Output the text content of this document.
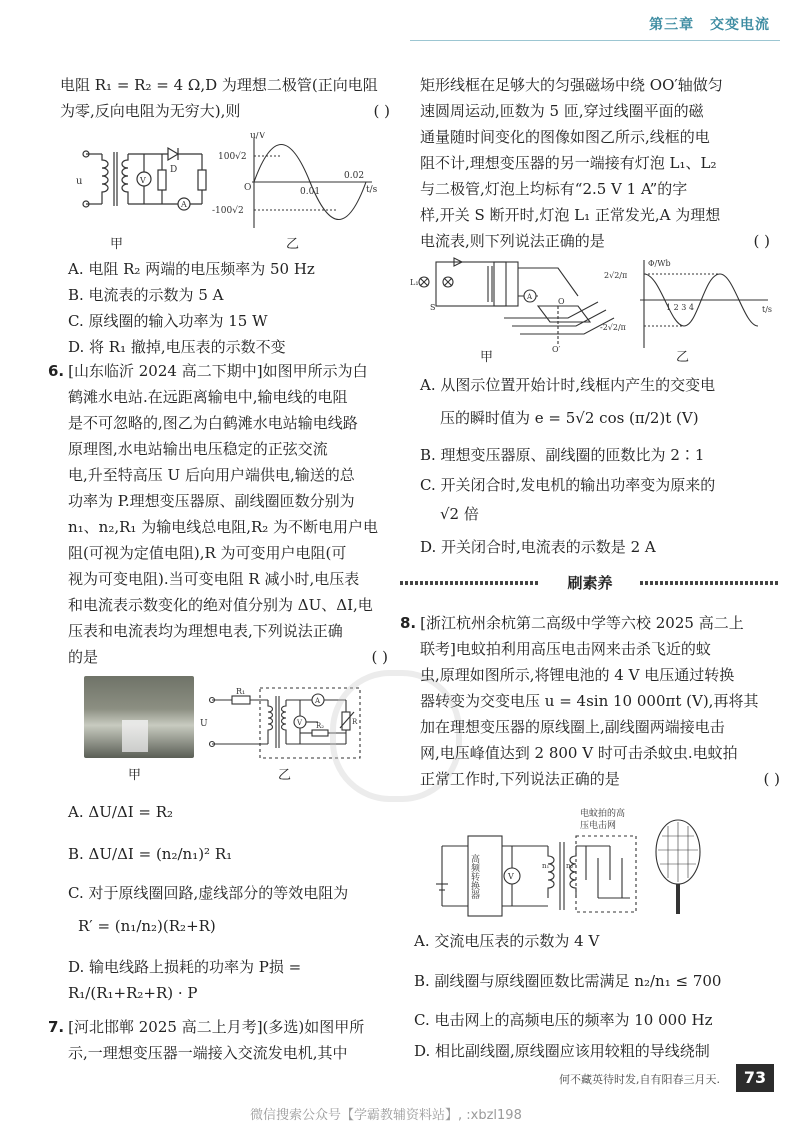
第三章 交变电流

电阻 R₁ = R₂ = 4 Ω,D 为理想二极管(正向电阻

为零,反向电阻为无穷大),则	( )

u	V
A
D
u/V
t/s
100√2
-100√2
O	0.01
0.02
甲	乙

A. 电阻 R₂ 两端的电压频率为 50 Hz

B. 电流表的示数为 5 A

C. 原线圈的输入功率为 15 W

D. 将 R₁ 撤掉,电压表的示数不变

6. [山东临沂 2024 高二下期中]如图甲所示为白

鹤滩水电站.在远距离输电中,输电线的电阻

是不可忽略的,图乙为白鹤滩水电站输电线路

原理图,水电站输出电压稳定的正弦交流

电,升至特高压 U 后向用户端供电,输送的总

功率为 P.理想变压器原、副线圈匝数分别为

n₁、n₂,R₁ 为输电线总电阻,R₂ 为不断电用户电

阻(可视为定值电阻),R 为可变用户电阻(可

视为可变电阻).当可变电阻 R 减小时,电压表

和电流表示数变化的绝对值分别为 ΔU、ΔI,电

压表和电流表均为理想电表,下列说法正确

的是	( )

U
R₁
A
V R₂	R
甲	乙

A. ΔU/ΔI = R₂

B. ΔU/ΔI = (n₂/n₁)² R₁

C. 对于原线圈回路,虚线部分的等效电阻为

R′ = (n₁/n₂)(R₂+R)

D. 输电线路上损耗的功率为 P损 = R₁/(R₁+R₂+R) · P

7. [河北邯郸 2025 高二上月考](多选)如图甲所

示,一理想变压器一端接入交流发电机,其中

矩形线框在足够大的匀强磁场中绕 OO′轴做匀

速圆周运动,匝数为 5 匝,穿过线圈平面的磁

通量随时间变化的图像如图乙所示,线框的电

阻不计,理想变压器的另一端接有灯泡 L₁、L₂

与二极管,灯泡上均标有“2.5 V 1 A”的字

样,开关 S 断开时,灯泡 L₁ 正常发光,A 为理想

电流表,则下列说法正确的是	( )

L₁
A
S
O
O′
Φ/Wb
t/s
2√2/π
-2√2/π
1 2 3 4
甲	乙

A. 从图示位置开始计时,线框内产生的交变电

压的瞬时值为 e = 5√2 cos (π/2)t (V)

B. 理想变压器原、副线圈的匝数比为 2∶1

C. 开关闭合时,发电机的输出功率变为原来的

√2 倍

D. 开关闭合时,电流表的示数是 2 A

刷素养

8. [浙江杭州余杭第二高级中学等六校 2025 高二上

联考]电蚊拍利用高压电击网来击杀飞近的蚊

虫,原理如图所示,将锂电池的 4 V 电压通过转换

器转变为交变电压 u = 4sin 10 000πt (V),再将其

加在理想变压器的原线圈上,副线圈两端接电击

网,电压峰值达到 2 800 V 时可击杀蚊虫.电蚊拍

正常工作时,下列说法正确的是	( )

V
n₁ n₂
高频转换器
电蚊拍的高
压电击网

A. 交流电压表的示数为 4 V

B. 副线圈与原线圈匝数比需满足 n₂/n₁ ≤ 700

C. 电击网上的高频电压的频率为 10 000 Hz

D. 相比副线圈,原线圈应该用较粗的导线绕制

何不藏英待时发,自有阳春三月天.	73
微信搜索公众号【学霸教辅资料站】, :xbzl198
